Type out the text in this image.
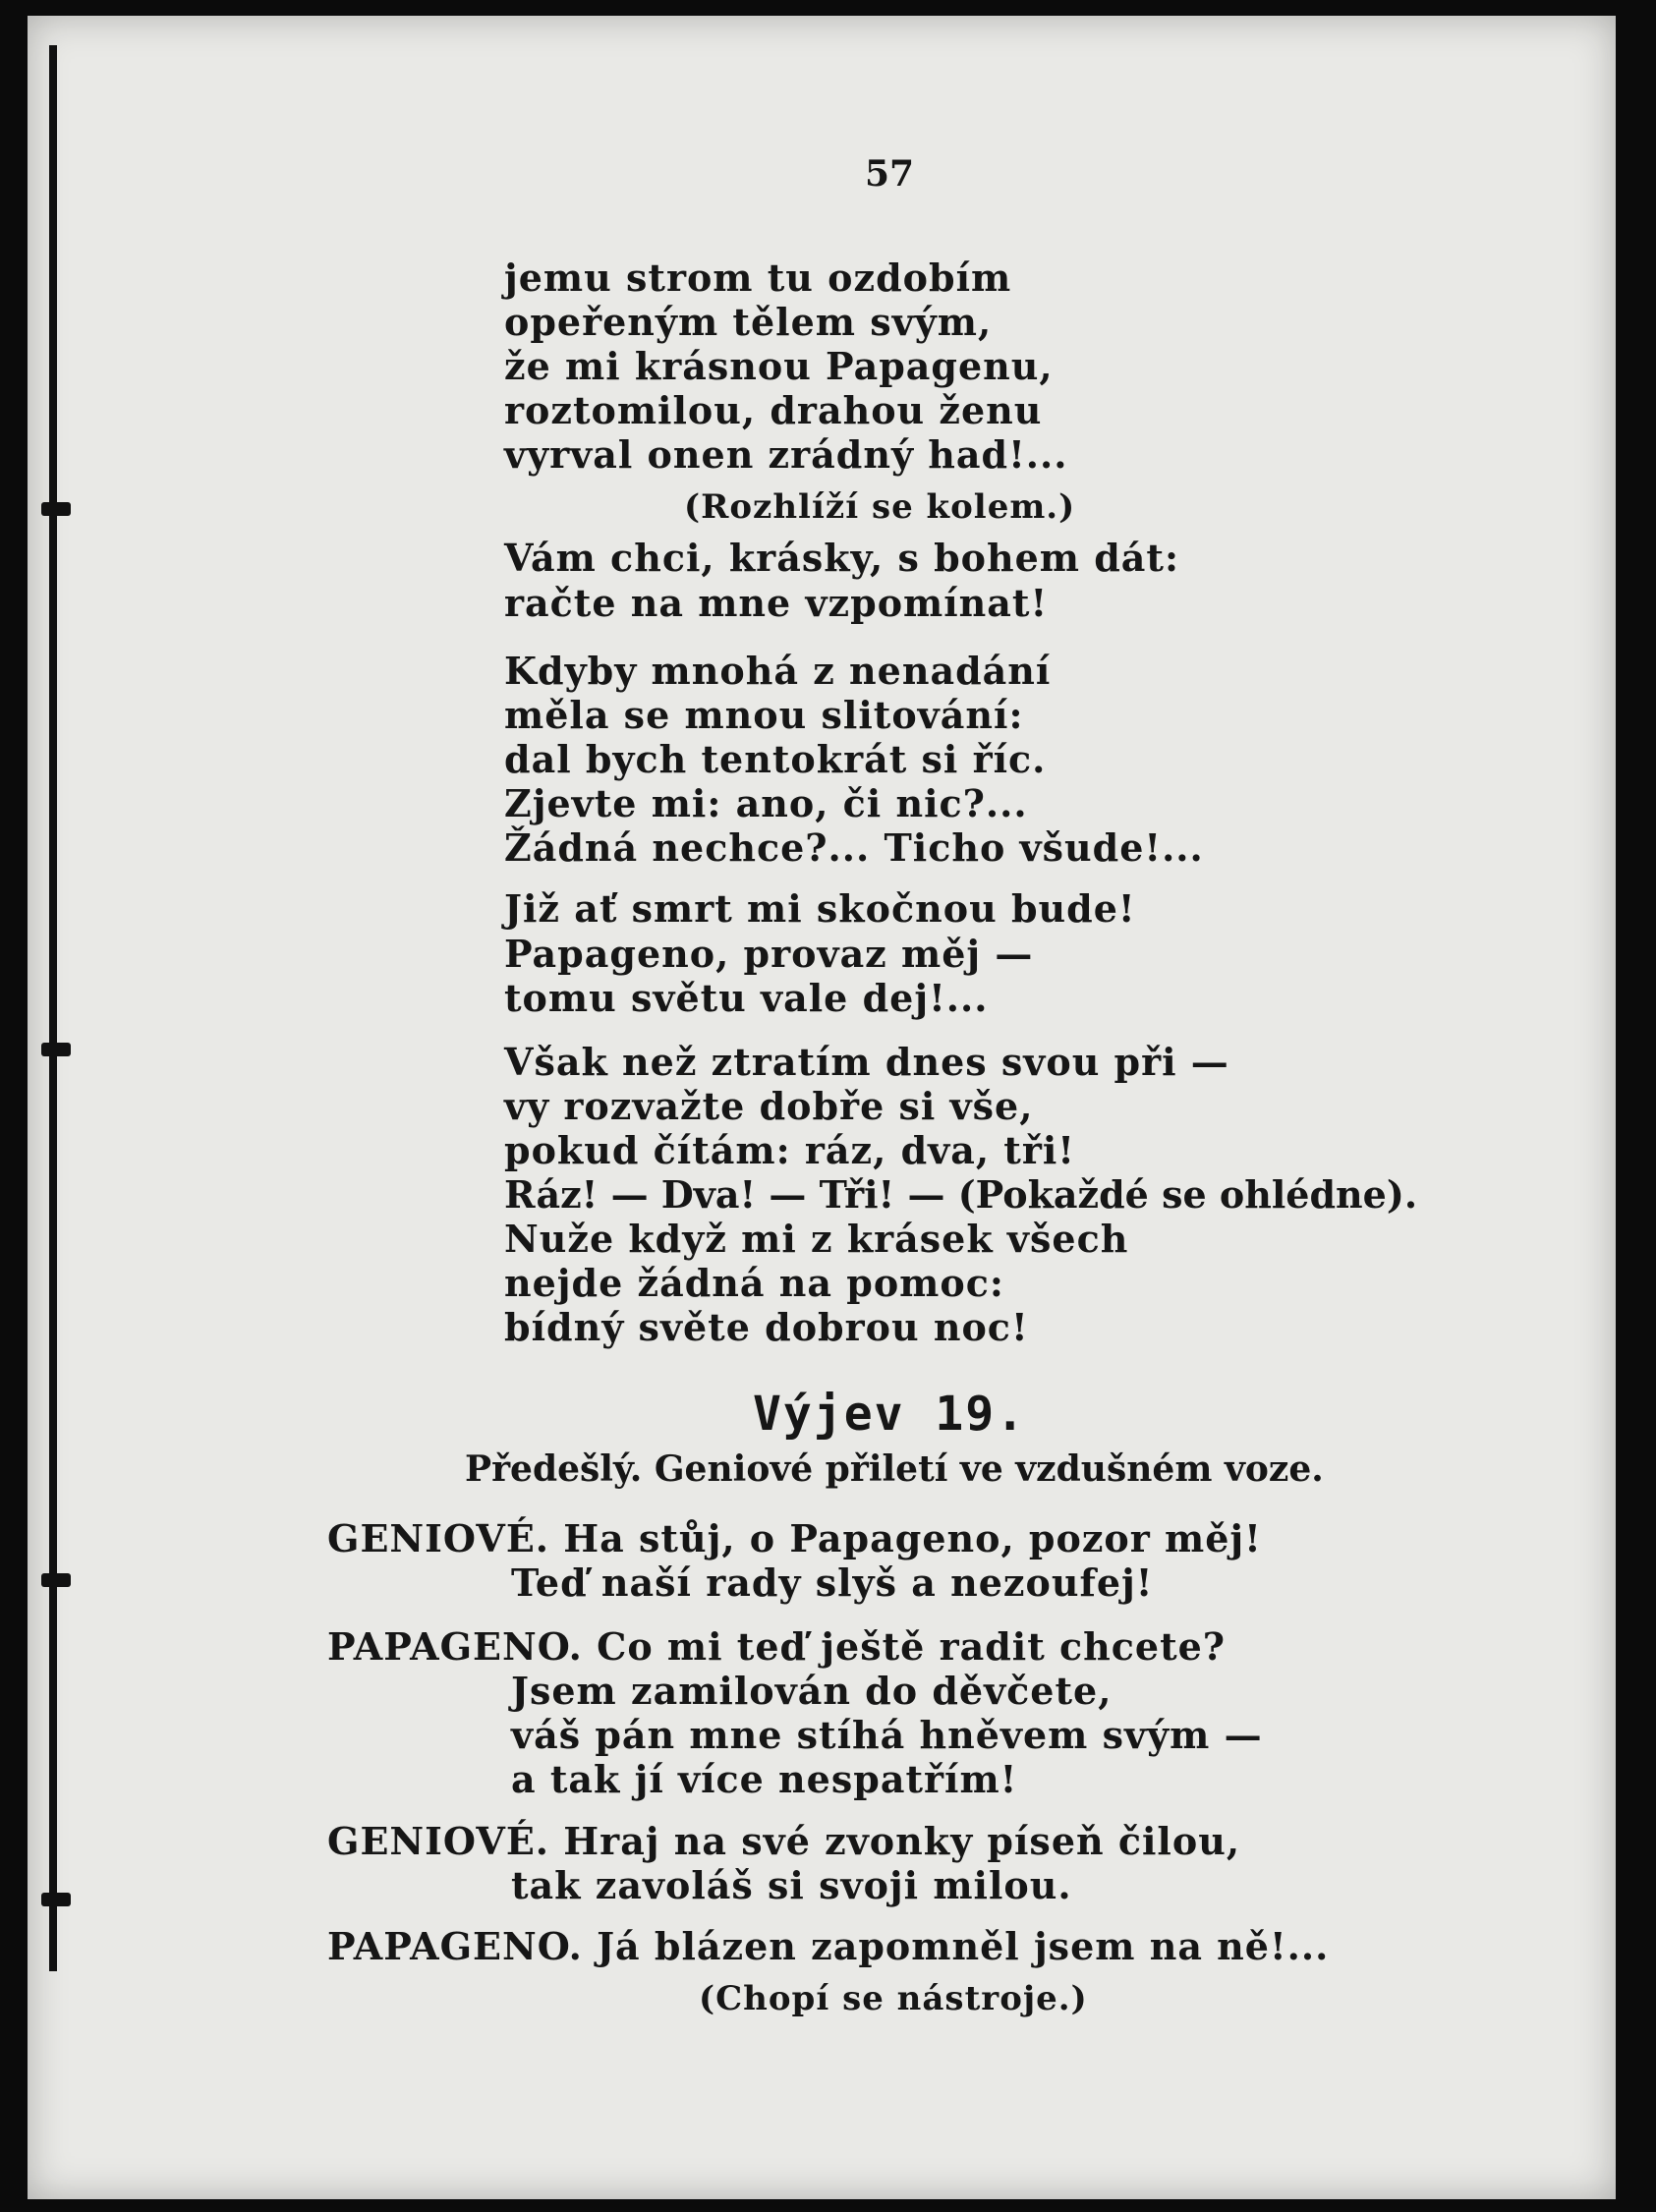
57
jemu strom tu ozdobím
opeřeným tělem svým,
že mi krásnou Papagenu,
roztomilou, drahou ženu
vyrval onen zrádný had!...
(Rozhlíží se kolem.)
Vám chci, krásky, s bohem dát:
račte na mne vzpomínat!
Kdyby mnohá z nenadání
měla se mnou slitování:
dal bych tentokrát si říc.
Zjevte mi: ano, či nic?...
Žádná nechce?... Ticho všude!...
Již ať smrt mi skočnou bude!
Papageno, provaz měj —
tomu světu vale dej!...
Však než ztratím dnes svou při —
vy rozvažte dobře si vše,
pokud čítám: ráz, dva, tři!
Ráz! — Dva! — Tři! — (Pokaždé se ohlédne).
Nuže když mi z krásek všech
nejde žádná na pomoc:
bídný světe dobrou noc!
Výjev 19.
Předešlý. Geniové přiletí ve vzdušném voze.
GENIOVÉ. Ha stůj, o Papageno, pozor měj!
Teď naší rady slyš a nezoufej!
PAPAGENO. Co mi teď ještě radit chcete?
Jsem zamilován do děvčete,
váš pán mne stíhá hněvem svým —
a tak jí více nespatřím!
GENIOVÉ. Hraj na své zvonky píseň čilou,
tak zavoláš si svoji milou.
PAPAGENO. Já blázen zapomněl jsem na ně!...
(Chopí se nástroje.)
